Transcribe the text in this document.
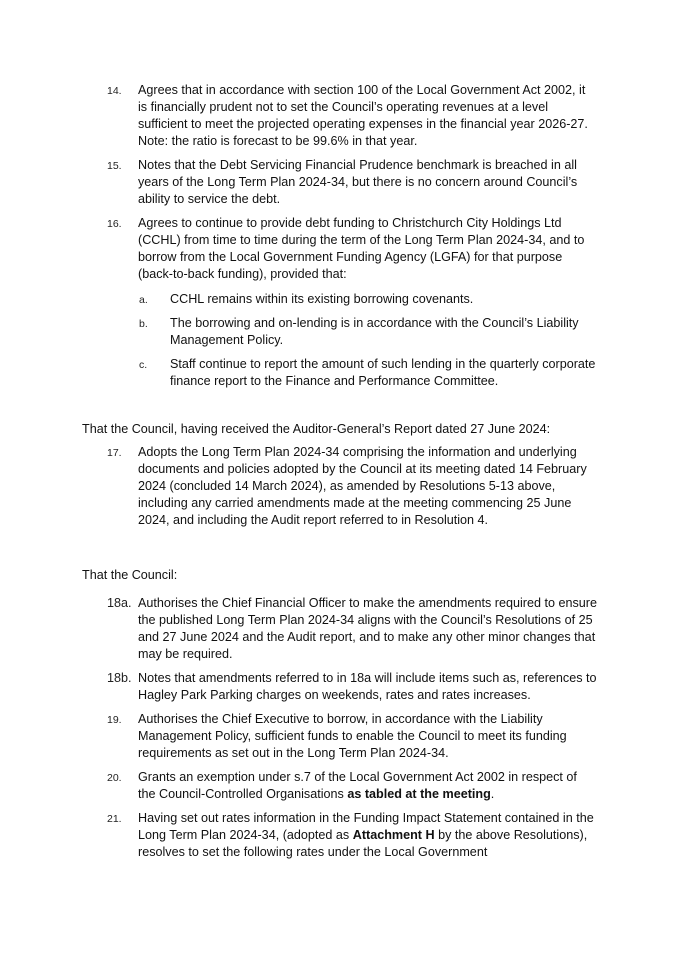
14. Agrees that in accordance with section 100 of the Local Government Act 2002, it is financially prudent not to set the Council’s operating revenues at a level sufficient to meet the projected operating expenses in the financial year 2026-27. Note: the ratio is forecast to be 99.6% in that year.
15. Notes that the Debt Servicing Financial Prudence benchmark is breached in all years of the Long Term Plan 2024-34, but there is no concern around Council’s ability to service the debt.
16. Agrees to continue to provide debt funding to Christchurch City Holdings Ltd (CCHL) from time to time during the term of the Long Term Plan 2024-34, and to borrow from the Local Government Funding Agency (LGFA) for that purpose (back-to-back funding), provided that:
a. CCHL remains within its existing borrowing covenants.
b. The borrowing and on-lending is in accordance with the Council’s Liability Management Policy.
c. Staff continue to report the amount of such lending in the quarterly corporate finance report to the Finance and Performance Committee.
That the Council, having received the Auditor-General’s Report dated 27 June 2024:
17. Adopts the Long Term Plan 2024-34 comprising the information and underlying documents and policies adopted by the Council at its meeting dated 14 February 2024 (concluded 14 March 2024), as amended by Resolutions 5-13 above, including any carried amendments made at the meeting commencing 25 June 2024, and including the Audit report referred to in Resolution 4.
That the Council:
18a. Authorises the Chief Financial Officer to make the amendments required to ensure the published Long Term Plan 2024-34 aligns with the Council’s Resolutions of 25 and 27 June 2024 and the Audit report, and to make any other minor changes that may be required.
18b. Notes that amendments referred to in 18a will include items such as, references to Hagley Park Parking charges on weekends, rates and rates increases.
19. Authorises the Chief Executive to borrow, in accordance with the Liability Management Policy, sufficient funds to enable the Council to meet its funding requirements as set out in the Long Term Plan 2024-34.
20. Grants an exemption under s.7 of the Local Government Act 2002 in respect of the Council-Controlled Organisations as tabled at the meeting.
21. Having set out rates information in the Funding Impact Statement contained in the Long Term Plan 2024-34, (adopted as Attachment H by the above Resolutions), resolves to set the following rates under the Local Government
